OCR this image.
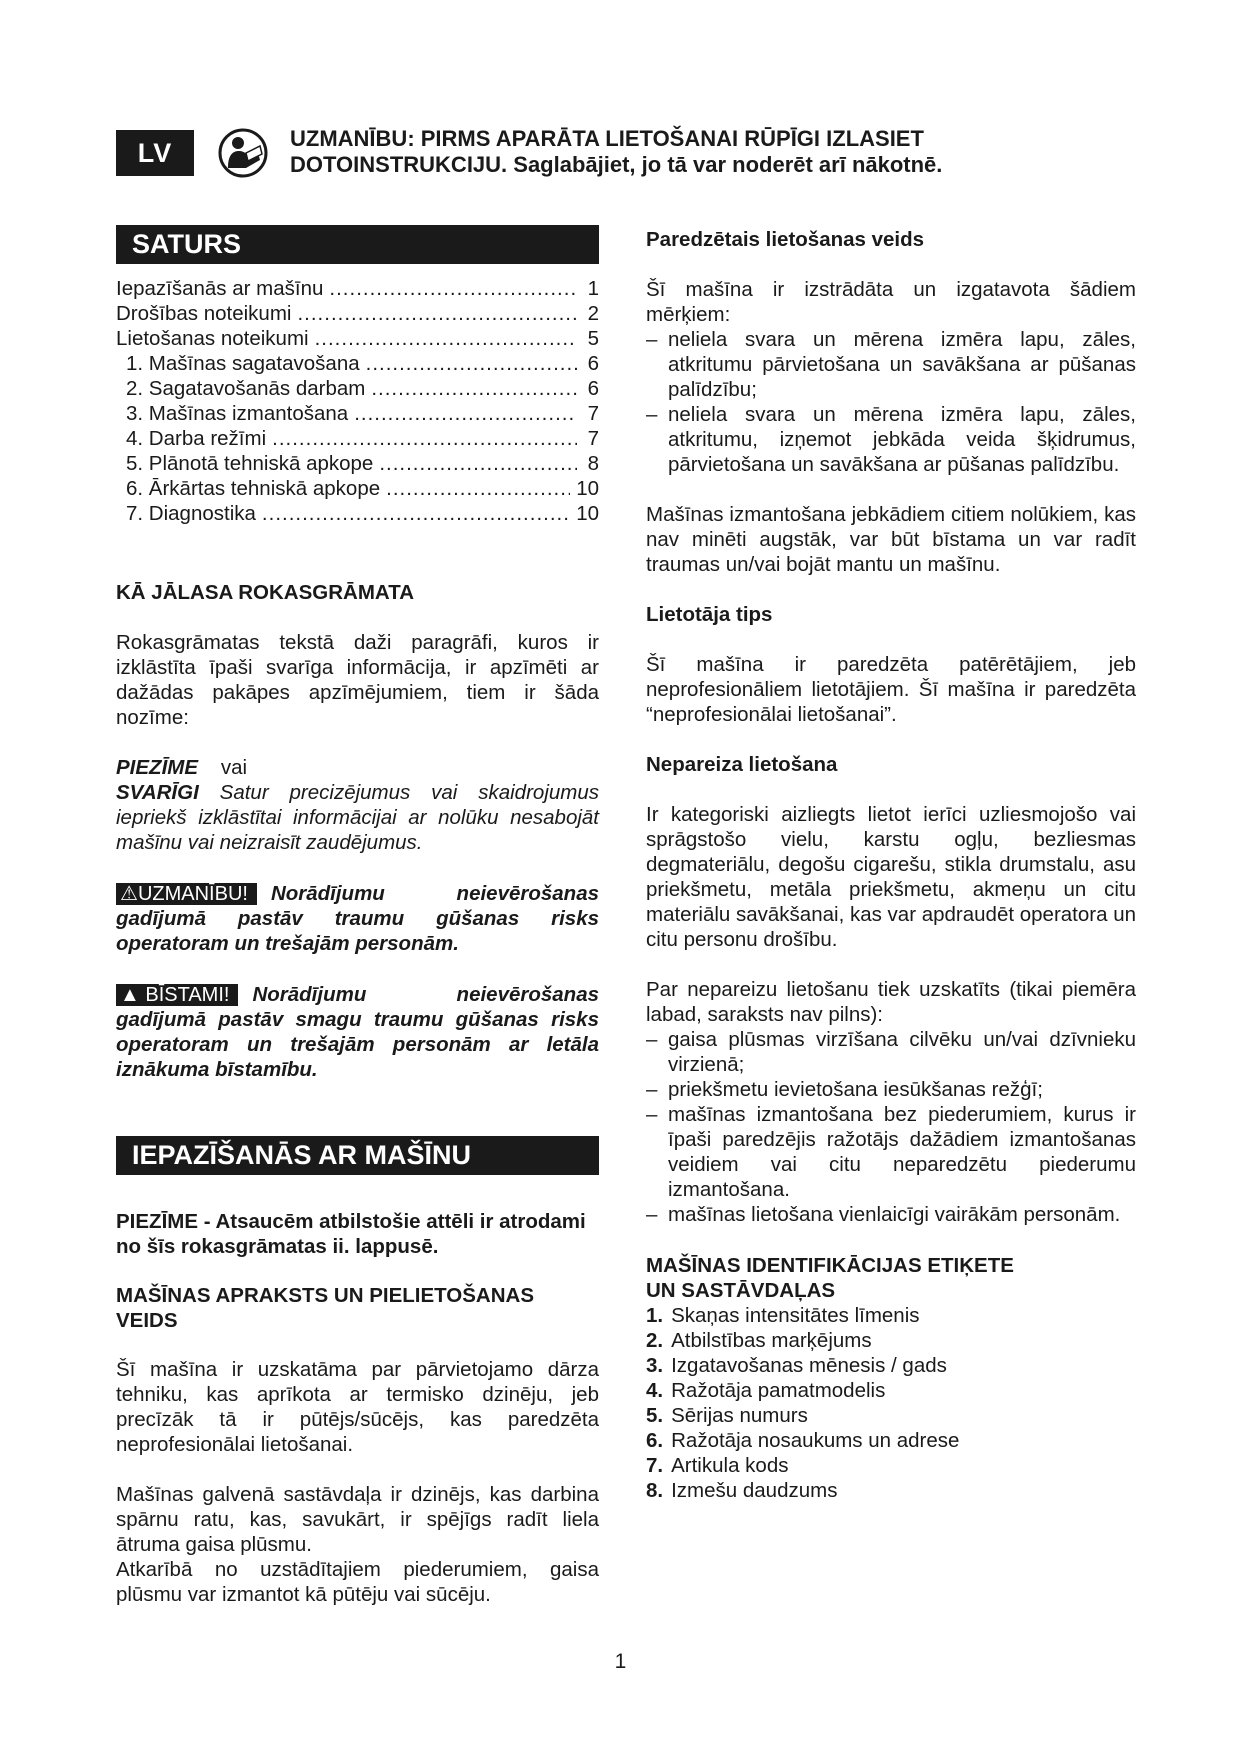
LV	UZMANĪBU: PIRMS APARĀTA LIETOŠANAI RŪPĪGI IZLASIET
DOTOINSTRUKCIJU. Saglabājiet, jo tā var noderēt arī nākotnē.
SATURS
Iepazīšanās ar mašīnu .....	1
Drošības noteikumi .....	2
Lietošanas noteikumi .....	5
1. Mašīnas sagatavošana .....	6
2. Sagatavošanās darbam .....	6
3. Mašīnas izmantošana .....	7
4. Darba režīmi .....	7
5. Plānotā tehniskā apkope .....	8
6. Ārkārtas tehniskā apkope .....	10
7. Diagnostika .....	10

KĀ JĀLASA ROKASGRĀMATA

Rokasgrāmatas tekstā daži paragrāfi, kuros ir izklāstīta īpaši svarīga informācija, ir apzīmēti ar dažādas pakāpes apzīmējumiem, tiem ir šāda nozīme:

PIEZĪME vai

SVARĪGI Satur precizējumus vai skaidrojumus iepriekš izklāstītai informācijai ar nolūku nesabojāt mašīnu vai neizraisīt zaudējumus.

⚠UZMANĪBU! Norādījumu	neievērošanas
gadījumā pastāv traumu gūšanas risks operatoram un trešajām personām.
▲ BĪSTAMI! Norādījumu	neievērošanas
gadījumā pastāv smagu traumu gūšanas risks operatoram un trešajām personām ar letāla iznākuma bīstamību.
IEPAZĪŠANĀS AR MAŠĪNU

PIEZĪME - Atsaucēm atbilstošie attēli ir atrodami no šīs rokasgrāmatas ii. lappusē.

MAŠĪNAS APRAKSTS UN PIELIETOŠANAS VEIDS

Šī mašīna ir uzskatāma par pārvietojamo dārza tehniku, kas aprīkota ar termisko dzinēju, jeb precīzāk tā ir pūtējs/sūcējs, kas paredzēta neprofesionālai lietošanai.

Mašīnas galvenā sastāvdaļa ir dzinējs, kas darbina spārnu ratu, kas, savukārt, ir spējīgs radīt liela ātruma gaisa plūsmu.

Atkarībā no uzstādītajiem piederumiem, gaisa plūsmu var izmantot kā pūtēju vai sūcēju.

Paredzētais lietošanas veids

Šī mašīna ir izstrādāta un izgatavota šādiem mērķiem:

– neliela svara un mērena izmēra lapu, zāles, atkritumu pārvietošana un savākšana ar pūšanas palīdzību;
– neliela svara un mērena izmēra lapu, zāles, atkritumu, izņemot jebkāda veida šķidrumus, pārvietošana un savākšana ar pūšanas palīdzību.

Mašīnas izmantošana jebkādiem citiem nolūkiem, kas nav minēti augstāk, var būt bīstama un var radīt traumas un/vai bojāt mantu un mašīnu.

Lietotāja tips

Šī mašīna ir paredzēta patērētājiem, jeb neprofesionāliem lietotājiem. Šī mašīna ir paredzēta “neprofesionālai lietošanai”.

Nepareiza lietošana

Ir kategoriski aizliegts lietot ierīci uzliesmojošo vai sprāgstošo vielu, karstu ogļu, bezliesmas degmateriālu, degošu cigarešu, stikla drumstalu, asu priekšmetu, metāla priekšmetu, akmeņu un citu materiālu savākšanai, kas var apdraudēt operatora un citu personu drošību.

Par nepareizu lietošanu tiek uzskatīts (tikai piemēra labad, saraksts nav pilns):

– gaisa plūsmas virzīšana cilvēku un/vai dzīvnieku virzienā;
– priekšmetu ievietošana iesūkšanas režģī;
– mašīnas izmantošana bez piederumiem, kurus ir īpaši paredzējis ražotājs dažādiem izmantošanas veidiem vai citu neparedzētu piederumu izmantošana.
– mašīnas lietošana vienlaicīgi vairākām personām.

MAŠĪNAS IDENTIFIKĀCIJAS ETIĶETE
UN SASTĀVDAĻAS

1. Skaņas intensitātes līmenis
2. Atbilstības marķējums
3. Izgatavošanas mēnesis / gads
4. Ražotāja pamatmodelis
5. Sērijas numurs
6. Ražotāja nosaukums un adrese
7. Artikula kods
8. Izmešu daudzums
1
